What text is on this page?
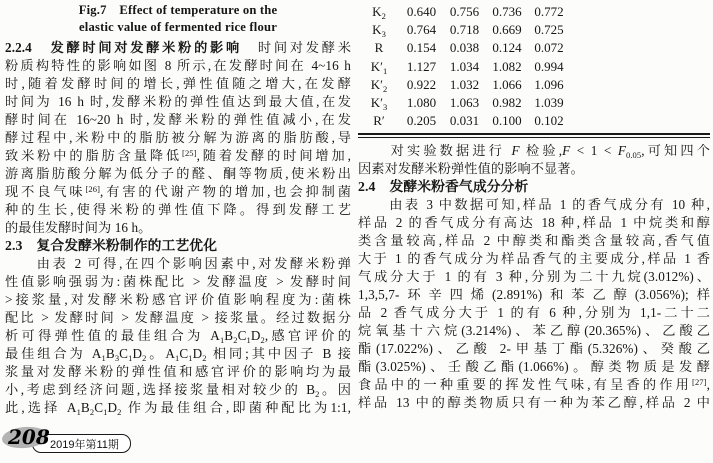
Fig.7　Effect of temperature on the
elastic value of fermented rice flour
2.2.4　发酵时间对发酵米粉的影响　时间对发酵米
粉质构特性的影响如图 8 所示,在发酵时间在 4~16 h
时,随着发酵时间的增长,弹性值随之增大,在发酵
时间为 16 h 时,发酵米粉的弹性值达到最大值,在发
酵时间在 16~20 h 时,发酵米粉的弹性值减小,在发
酵过程中,米粉中的脂肪被分解为游离的脂肪酸,导
致米粉中的脂肪含量降低[25],随着发酵的时间增加,
游离脂肪酸分解为低分子的醛、酮等物质,使米粉出
现不良气味[26],有害的代谢产物的增加,也会抑制菌
种的生长,使得米粉的弹性值下降。得到发酵工艺
的最佳发酵时间为 16 h。
2.3　复合发酵米粉制作的工艺优化
　　由表 2 可得,在四个影响因素中,对发酵米粉弹
性值影响强弱为:菌株配比 > 发酵温度 > 发酵时间
>接浆量,对发酵米粉感官评价值影响程度为:菌株
配比 > 发酵时间 > 发酵温度 > 接浆量。经过数据分
析可得弹性值的最佳组合为 $A_1B_2C_1D_2$,感官评价的
最佳组合为 $A_1B_3C_1D_2$。$A_1C_1D_2$ 相同;其中因子 B 接
浆量对发酵米粉的弹性值和感官评价的影响均为最
小,考虑到经济问题,选择接浆量相对较少的 $B_2$。因
此,选择 $A_1B_2C_1D_2$ 作为最佳组合,即菌种配比为1:1,
$K_2$ 0.640 0.756 0.736 0.772
$K_3$ 0.764 0.718 0.669 0.725
R 0.154 0.038 0.124 0.072
$K'_1$ 1.127 1.034 1.082 0.994
$K'_2$ 0.922 1.032 1.066 1.096
$K'_3$ 1.080 1.063 0.982 1.039
R′ 0.205 0.031 0.100 0.102
　　对实验数据进行 F 检验$,F < 1 < F_{0.05}$,可知四个
因素对发酵米粉弹性值的影响不显著。
2.4　发酵米粉香气成分分析
　　由表 3 中数据可知,样品 1 的香气成分有 10 种,
样品 2 的香气成分有高达 18 种,样品 1 中烷类和醇
类含量较高,样品 2 中醇类和酯类含量较高,香气值
大于 1 的香气成分为样品香气的主要成分,样品 1 香
气成分大于 1 的有 3 种,分别为二十九烷(3.012%)、
1,3,5,7-环辛四烯(2.891%)和苯乙醇(3.056%);样
品 2 香气成分大于 1 的有 6 种,分别为 1,1-二十二
烷氧基十六烷(3.214%)、苯乙醇(20.365%)、乙酸乙
酯(17.022%)、乙酸 2-甲基丁酯(5.326%)、癸酸乙
酯(3.025%)、壬酸乙酯(1.066%)。醇类物质是发酵
食品中的一种重要的挥发性气味,有呈香的作用[27],
样品 13 中的醇类物质只有一种为苯乙醇,样品 2 中
208 2019年第11期
